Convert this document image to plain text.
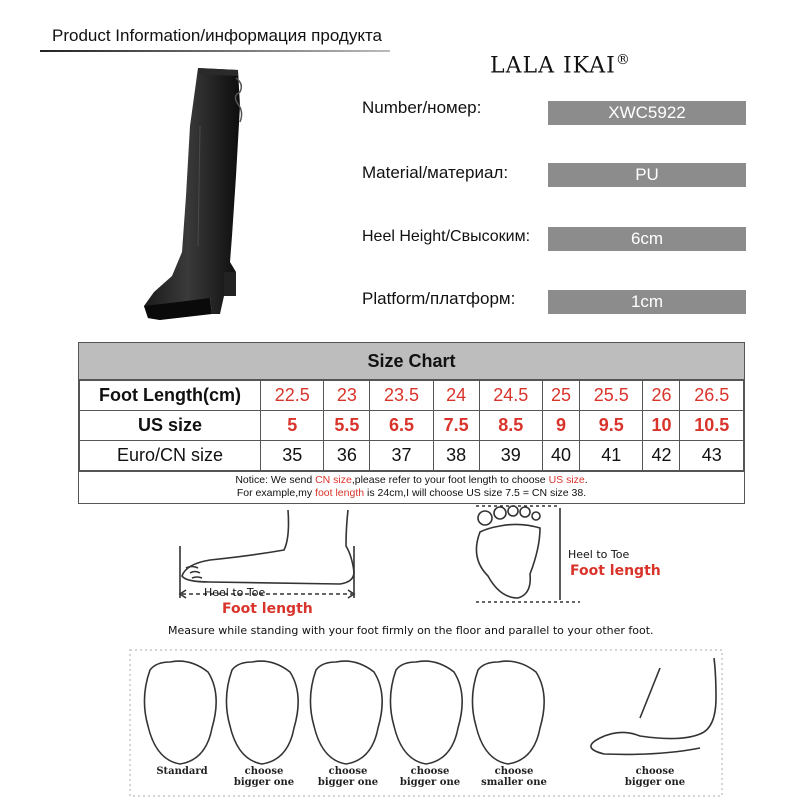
Product Information/информация продукта
LALA IKAI®
Number/номер:	XWC5922
Material/материал:	PU
Heel Height/Свысоким:	6cm
Platform/платформ:	1cm
Size Chart
Foot Length(cm)	22.5	23	23.5	24	24.5	25	25.5	26	26.5
US size	5	5.5	6.5	7.5	8.5	9	9.5	10	10.5
Euro/CN size	35	36	37	38	39	40	41	42	43
Notice: We send CN size,please refer to your foot length to choose US size.
For example,my foot length is 24cm,I will choose US size 7.5 = CN size 38.
Heel to Toe
Foot length
Heel to Toe
Foot length
Measure while standing with your foot firmly on the floor and parallel to your other foot.
Standard	choose
bigger one
choose
bigger one
choose
bigger one
choose
smaller one
choose
bigger one
